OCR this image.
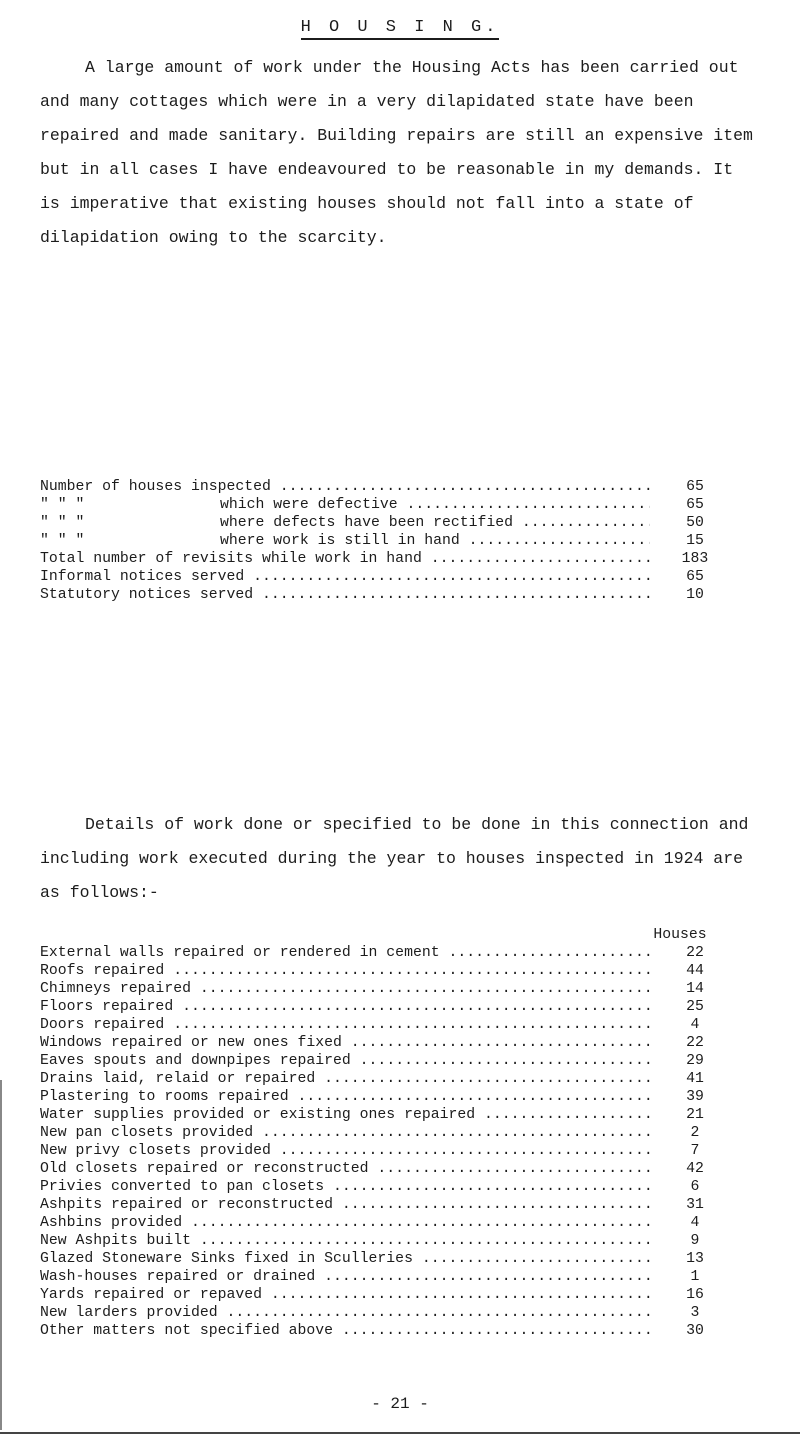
H O U S I N G.

A large amount of work under the Housing Acts has been carried out and many cottages which were in a very dilapidated state have been repaired and made sanitary. Building repairs are still an expensive item but in all cases I have endeavoured to be reasonable in my demands. It is imperative that existing houses should not fall into a state of dilapidation owing to the scarcity.

Number of houses inspected .....	65
" " "	which were defective .....	65
" " "	where defects have been rectified .....	50
" " "	where work is still in hand .....	15
Total number of revisits while work in hand .....	183
Informal notices served .....	65
Statutory notices served .....	10

Details of work done or specified to be done in this connection and including work executed during the year to houses inspected in 1924 are as follows:-

Houses
External walls repaired or rendered in cement .....	22
Roofs repaired .....	44
Chimneys repaired .....	14
Floors repaired .....	25
Doors repaired .....	4
Windows repaired or new ones fixed .....	22
Eaves spouts and downpipes repaired .....	29
Drains laid, relaid or repaired .....	41
Plastering to rooms repaired .....	39
Water supplies provided or existing ones repaired .....	21
New pan closets provided .....	2
New privy closets provided .....	7
Old closets repaired or reconstructed .....	42
Privies converted to pan closets .....	6
Ashpits repaired or reconstructed .....	31
Ashbins provided .....	4
New Ashpits built .....	9
Glazed Stoneware Sinks fixed in Sculleries .....	13
Wash-houses repaired or drained .....	1
Yards repaired or repaved .....	16
New larders provided .....	3
Other matters not specified above .....	30
- 21 -
